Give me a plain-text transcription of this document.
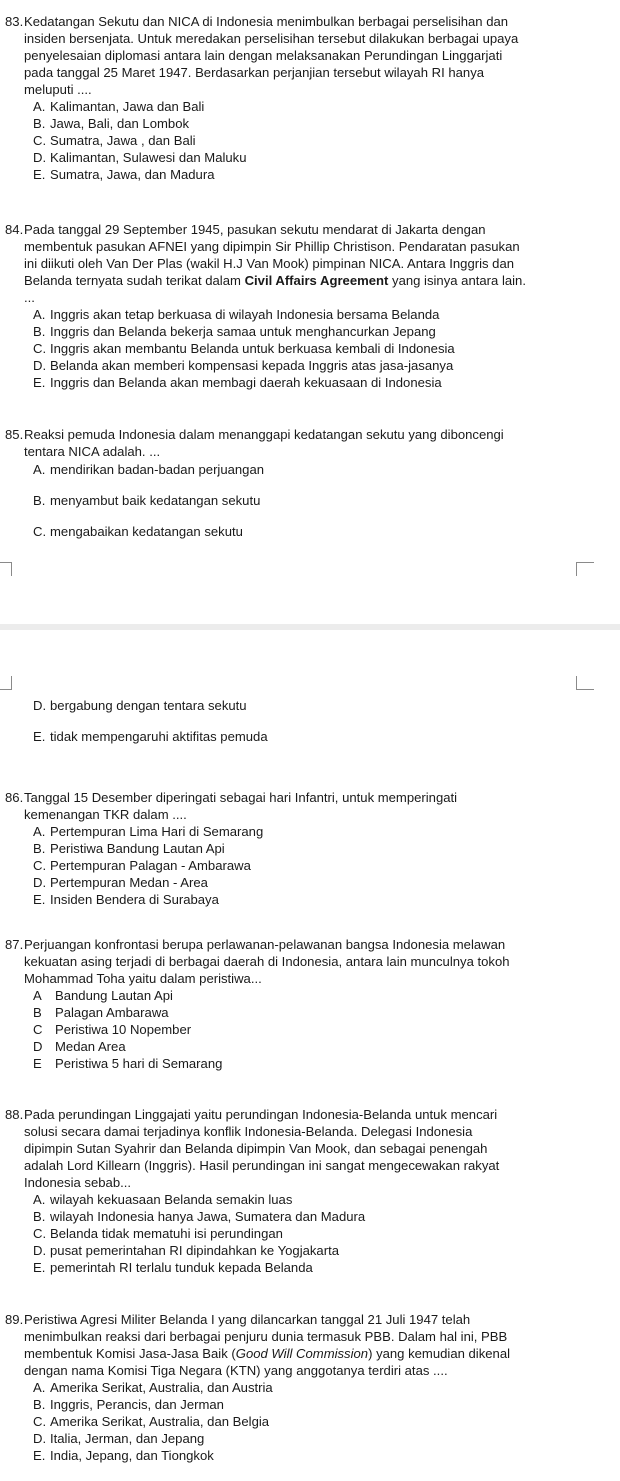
83. Kedatangan Sekutu dan NICA di Indonesia menimbulkan berbagai perselisihan dan

insiden bersenjata. Untuk meredakan perselisihan tersebut dilakukan berbagai upaya

penyelesaian diplomasi antara lain dengan melaksanakan Perundingan Linggarjati

pada tanggal 25 Maret 1947. Berdasarkan perjanjian tersebut wilayah RI hanya

meluputi ....

A. Kalimantan, Jawa dan Bali
B. Jawa, Bali, dan Lombok
C. Sumatra, Jawa , dan Bali
D. Kalimantan, Sulawesi dan Maluku
E. Sumatra, Jawa, dan Madura
84. Pada tanggal 29 September 1945, pasukan sekutu mendarat di Jakarta dengan

membentuk pasukan AFNEI yang dipimpin Sir Phillip Christison. Pendaratan pasukan

ini diikuti oleh Van Der Plas (wakil H.J Van Mook) pimpinan NICA. Antara Inggris dan

Belanda ternyata sudah terikat dalam Civil Affairs Agreement yang isinya antara lain.

...

A. Inggris akan tetap berkuasa di wilayah Indonesia bersama Belanda
B. Inggris dan Belanda bekerja samaa untuk menghancurkan Jepang
C. Inggris akan membantu Belanda untuk berkuasa kembali di Indonesia
D. Belanda akan memberi kompensasi kepada Inggris atas jasa-jasanya
E. Inggris dan Belanda akan membagi daerah kekuasaan di Indonesia
85. Reaksi pemuda Indonesia dalam menanggapi kedatangan sekutu yang diboncengi

tentara NICA adalah. ...

A. mendirikan badan-badan perjuangan
B. menyambut baik kedatangan sekutu
C. mengabaikan kedatangan sekutu
D. bergabung dengan tentara sekutu
E. tidak mempengaruhi aktifitas pemuda
86. Tanggal 15 Desember diperingati sebagai hari Infantri, untuk memperingati

kemenangan TKR dalam ....

A. Pertempuran Lima Hari di Semarang
B. Peristiwa Bandung Lautan Api
C. Pertempuran Palagan - Ambarawa
D. Pertempuran Medan - Area
E. Insiden Bendera di Surabaya
87. Perjuangan konfrontasi berupa perlawanan-pelawanan bangsa Indonesia melawan

kekuatan asing terjadi di berbagai daerah di Indonesia, antara lain munculnya tokoh

Mohammad Toha yaitu dalam peristiwa...

A Bandung Lautan Api
B Palagan Ambarawa
C Peristiwa 10 Nopember
D Medan Area
E Peristiwa 5 hari di Semarang
88. Pada perundingan Linggajati yaitu perundingan Indonesia-Belanda untuk mencari

solusi secara damai terjadinya konflik Indonesia-Belanda. Delegasi Indonesia

dipimpin Sutan Syahrir dan Belanda dipimpin Van Mook, dan sebagai penengah

adalah Lord Killearn (Inggris). Hasil perundingan ini sangat mengecewakan rakyat

Indonesia sebab...

A. wilayah kekuasaan Belanda semakin luas
B. wilayah Indonesia hanya Jawa, Sumatera dan Madura
C. Belanda tidak mematuhi isi perundingan
D. pusat pemerintahan RI dipindahkan ke Yogjakarta
E. pemerintah RI terlalu tunduk kepada Belanda
89. Peristiwa Agresi Militer Belanda I yang dilancarkan tanggal 21 Juli 1947 telah

menimbulkan reaksi dari berbagai penjuru dunia termasuk PBB. Dalam hal ini, PBB

membentuk Komisi Jasa-Jasa Baik (Good Will Commission) yang kemudian dikenal

dengan nama Komisi Tiga Negara (KTN) yang anggotanya terdiri atas ....

A. Amerika Serikat, Australia, dan Austria
B. Inggris, Perancis, dan Jerman
C. Amerika Serikat, Australia, dan Belgia
D. Italia, Jerman, dan Jepang
E. India, Jepang, dan Tiongkok
